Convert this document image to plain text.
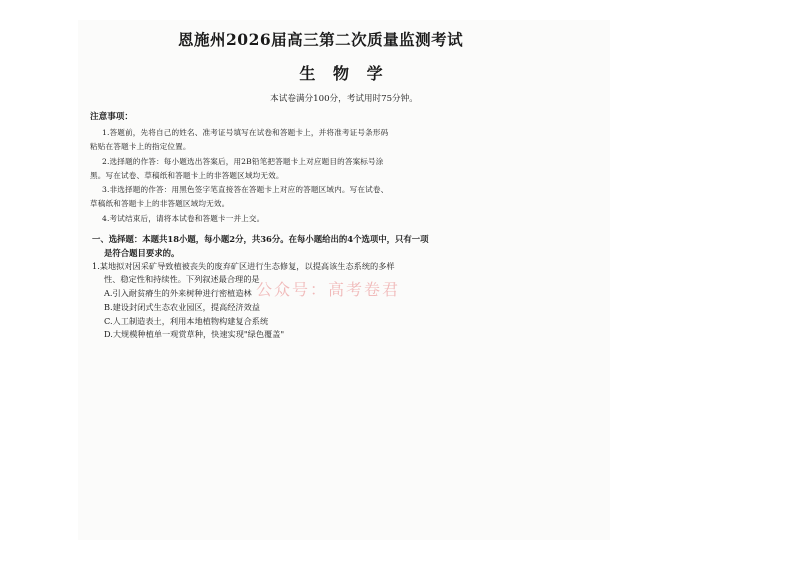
恩施州2026届高三第二次质量监测考试
生 物 学
本试卷满分100分，考试用时75分钟。
注意事项：
1.答题前，先将自己的姓名、准考证号填写在试卷和答题卡上，并将准考证号条形码
粘贴在答题卡上的指定位置。
2.选择题的作答：每小题选出答案后，用2B铅笔把答题卡上对应题目的答案标号涂
黑。写在试卷、草稿纸和答题卡上的非答题区域均无效。
3.非选择题的作答：用黑色签字笔直接答在答题卡上对应的答题区域内。写在试卷、
草稿纸和答题卡上的非答题区域均无效。
4.考试结束后，请将本试卷和答题卡一并上交。
一、选择题：本题共18小题，每小题2分，共36分。在每小题给出的4个选项中，只有一项
是符合题目要求的。
1.某地拟对因采矿导致植被丧失的废弃矿区进行生态修复，以提高该生态系统的多样
性、稳定性和持续性。下列叙述最合理的是
A.引入耐贫瘠生的外来树种进行密植造林
B.建设封闭式生态农业园区，提高经济效益
C.人工制造表土，利用本地植物构建复合系统
D.大规模种植单一观赏草种，快速实现"绿色覆盖"
公众号：高考卷君
